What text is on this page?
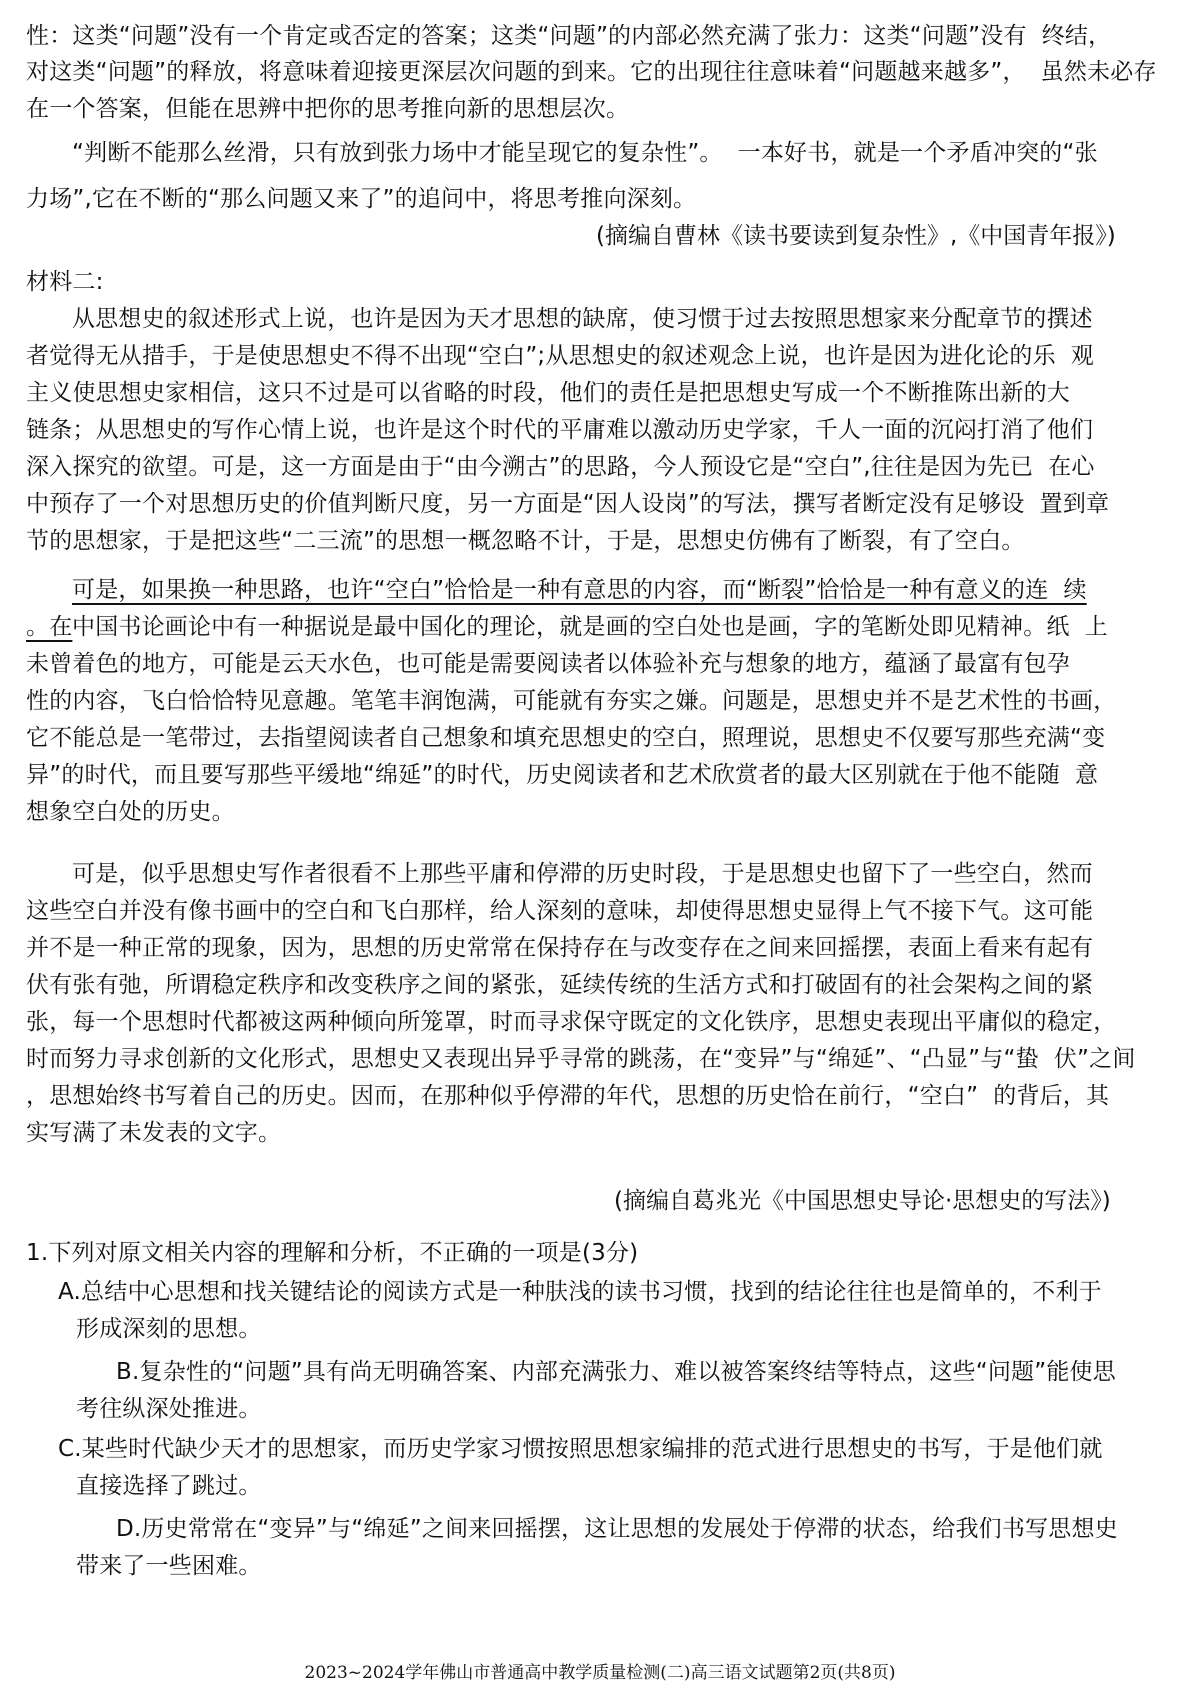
性：这类“问题”没有一个肯定或否定的答案；这类“问题”的内部必然充满了张力：这类“问题”没有  终结，
对这类“问题”的释放，将意味着迎接更深层次问题的到来。它的出现往往意味着“问题越来越多”，  虽然未必存
在一个答案，但能在思辨中把你的思考推向新的思想层次。
“判断不能那么丝滑，只有放到张力场中才能呈现它的复杂性”。  一本好书，就是一个矛盾冲突的“张
力场”,它在不断的“那么问题又来了”的追问中，将思考推向深刻。
材料二:
从思想史的叙述形式上说，也许是因为天才思想的缺席，使习惯于过去按照思想家来分配章节的撰述
者觉得无从措手，于是使思想史不得不出现“空白”;从思想史的叙述观念上说，也许是因为进化论的乐  观
主义使思想史家相信，这只不过是可以省略的时段，他们的责任是把思想史写成一个不断推陈出新的大
链条；从思想史的写作心情上说，也许是这个时代的平庸难以激动历史学家，千人一面的沉闷打消了他们
深入探究的欲望。可是，这一方面是由于“由今溯古”的思路，今人预设它是“空白”,往往是因为先已  在心
中预存了一个对思想历史的价值判断尺度，另一方面是“因人设岗”的写法，撰写者断定没有足够设  置到章
节的思想家，于是把这些“二三流”的思想一概忽略不计，于是，思想史仿佛有了断裂，有了空白。
可是，如果换一种思路，也许“空白”恰恰是一种有意思的内容，而“断裂”恰恰是一种有意义的连  续
。在 中国书论画论中有一种据说是最中国化的理论，就是画的空白处也是画，字的笔断处即见精神。纸  上
未曾着色的地方，可能是云天水色，也可能是需要阅读者以体验补充与想象的地方，蕴涵了最富有包孕
性的内容，飞白恰恰特见意趣。笔笔丰润饱满，可能就有夯实之嫌。问题是，思想史并不是艺术性的书画，
它不能总是一笔带过，去指望阅读者自己想象和填充思想史的空白，照理说，思想史不仅要写那些充满“变
异”的时代，而且要写那些平缓地“绵延”的时代，历史阅读者和艺术欣赏者的最大区别就在于他不能随  意
想象空白处的历史。
可是，似乎思想史写作者很看不上那些平庸和停滞的历史时段，于是思想史也留下了一些空白，然而
这些空白并没有像书画中的空白和飞白那样，给人深刻的意味，却使得思想史显得上气不接下气。这可能
并不是一种正常的现象，因为，思想的历史常常在保持存在与改变存在之间来回摇摆，表面上看来有起有
伏有张有弛，所谓稳定秩序和改变秩序之间的紧张，延续传统的生活方式和打破固有的社会架构之间的紧
张，每一个思想时代都被这两种倾向所笼罩，时而寻求保守既定的文化铁序，思想史表现出平庸似的稳定，
时而努力寻求创新的文化形式，思想史又表现出异乎寻常的跳荡，在“变异”与“绵延”、“凸显”与“蛰  伏”之间
，思想始终书写着自己的历史。因而，在那种似乎停滞的年代，思想的历史恰在前行，“空白”  的背后，其
实写满了未发表的文字。
1.下列对原文相关内容的理解和分析，不正确的一项是(3分)
A.总结中心思想和找关键结论的阅读方式是一种肤浅的读书习惯，找到的结论往往也是简单的，不利于
形成深刻的思想。
B.复杂性的“问题”具有尚无明确答案、内部充满张力、难以被答案终结等特点，这些“问题”能使思
考往纵深处推进。
C.某些时代缺少天才的思想家，而历史学家习惯按照思想家编排的范式进行思想史的书写，于是他们就
直接选择了跳过。
D.历史常常在“变异”与“绵延”之间来回摇摆，这让思想的发展处于停滞的状态，给我们书写思想史
带来了一些困难。
(摘编自曹林《读书要读到复杂性》,《中国青年报》)
(摘编自葛兆光《中国思想史导论·思想史的写法》)
2023~2024学年佛山市普通高中教学质量检测(二)高三语文试题第2页(共8页)
